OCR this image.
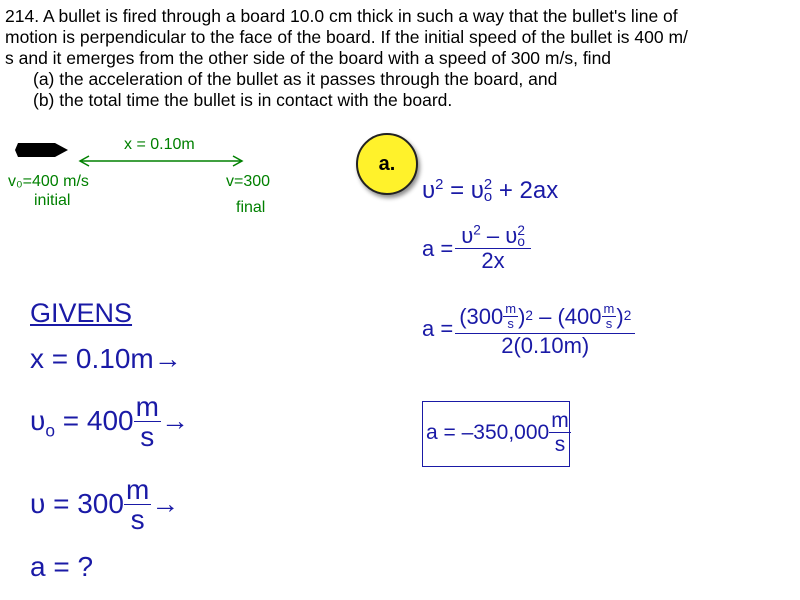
214. A bullet is fired through a board 10.0 cm thick in such a way that the bullet's line of
motion is perpendicular to the face of the board. If the initial speed of the bullet is 400 m/
s and it emerges from the other side of the board with a speed of 300 m/s, find
(a) the acceleration of the bullet as it passes through the board, and
(b) the total time the bullet is in contact with the board.
x = 0.10m
v₀=400 m/s
initial
v=300
final
a.
GIVENS
x = 0.10m→
$\upsilon_o = 400 \frac{m}{s}$ →
$\upsilon = 300 \frac{m}{s}$ →
a = ?
$\upsilon^2 = \upsilon 2$
o + 2ax
a =
$\upsilon^2 - \upsilon 2$
o
2x
$a = \frac{( 300 \frac{m}{s} ) 2 - ( 400 \frac{m}{s} ) 2}{2(0.10m)}$
$a = -350,000 \frac{m}{s}$
